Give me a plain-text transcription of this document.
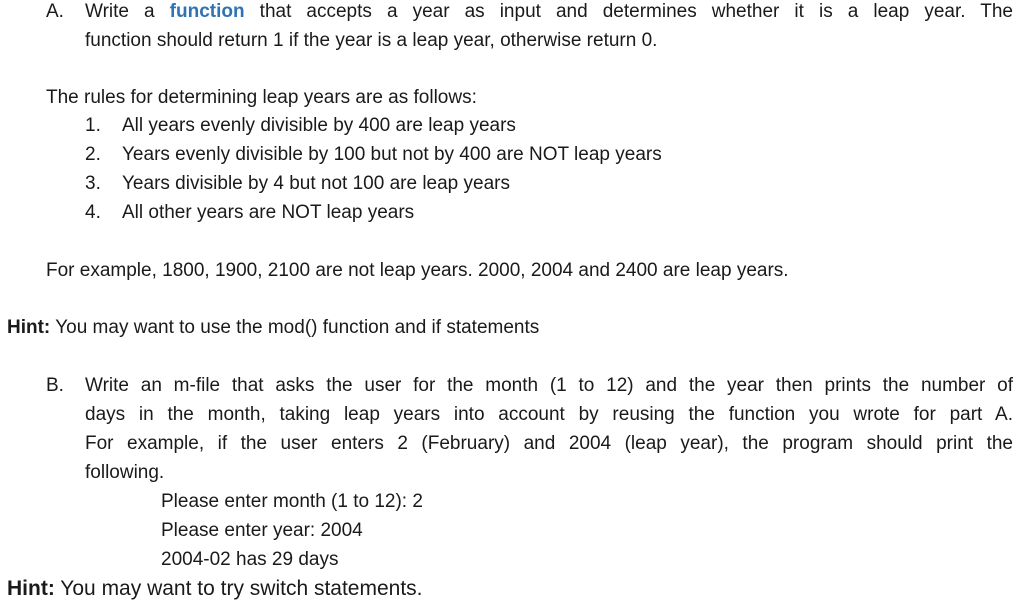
A. Write a function that accepts a year as input and determines whether it is a leap year. The
function should return 1 if the year is a leap year, otherwise return 0.
The rules for determining leap years are as follows:
1. All years evenly divisible by 400 are leap years
2. Years evenly divisible by 100 but not by 400 are NOT leap years
3. Years divisible by 4 but not 100 are leap years
4. All other years are NOT leap years
For example, 1800, 1900, 2100 are not leap years. 2000, 2004 and 2400 are leap years.
Hint: You may want to use the mod() function and if statements
B. Write an m-file that asks the user for the month (1 to 12) and the year then prints the number of
days in the month, taking leap years into account by reusing the function you wrote for part A.
For example, if the user enters 2 (February) and 2004 (leap year), the program should print the
following.
Please enter month (1 to 12): 2
Please enter year: 2004
2004-02 has 29 days
Hint: You may want to try switch statements.
